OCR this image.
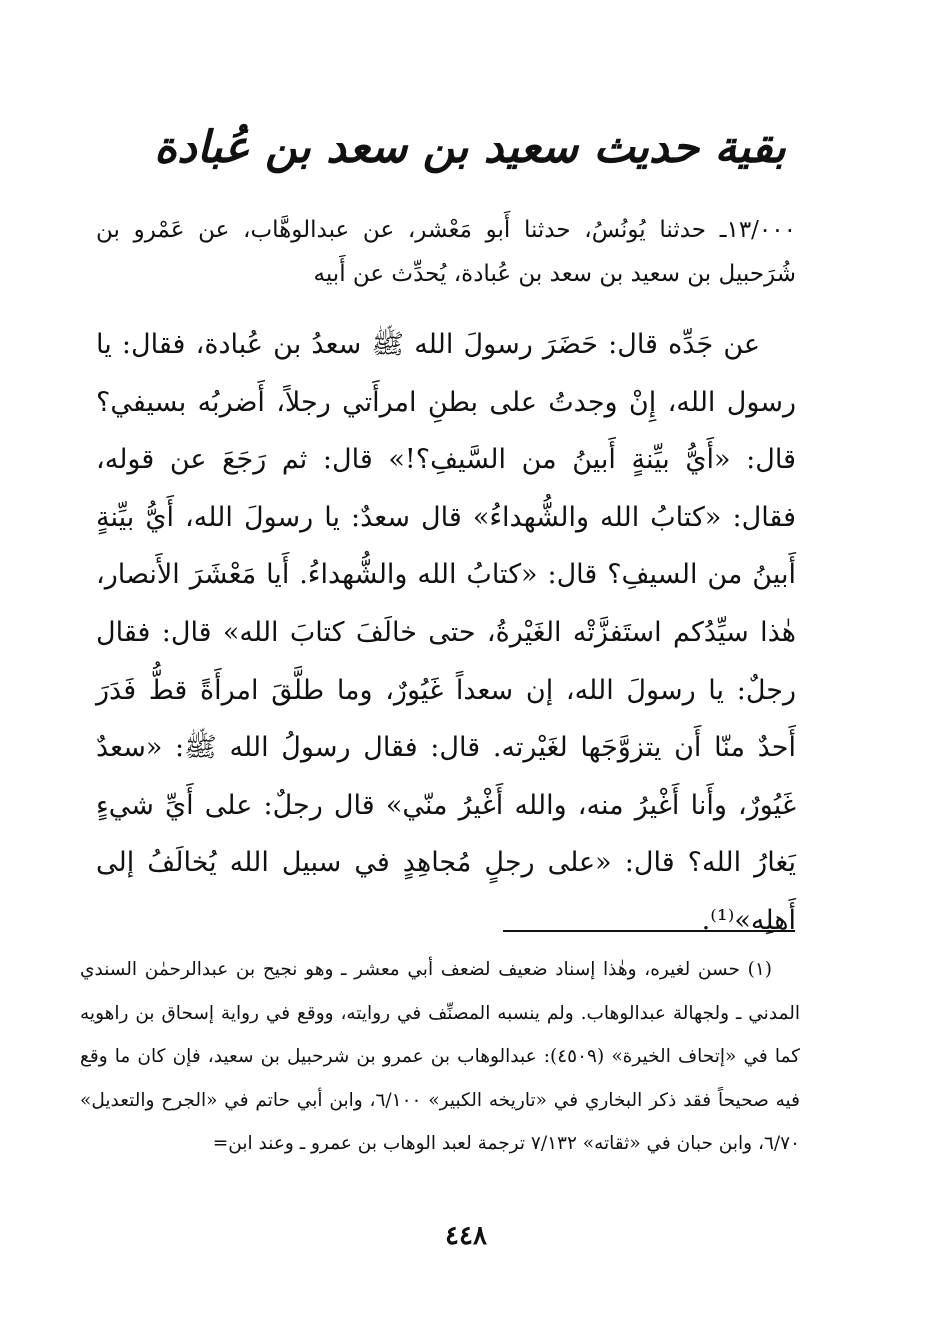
بقية حديث سعيد بن سعد بن عُبادة
١٣/٠٠٠ـ حدثنا يُونُسُ، حدثنا أَبو مَعْشر، عن عبدالوهَّاب، عن عَمْرو بن شُرَحبيل بن سعيد بن سعد بن عُبادة، يُحدِّث عن أَبيه
عن جَدِّه قال: حَضَرَ رسولَ الله ﷺ سعدُ بن عُبادة، فقال: يا رسول الله، إِنْ وجدتُ على بطنِ امرأَتي رجلاً، أَضربُه بسيفي؟ قال: «أَيُّ بيِّنةٍ أَبينُ من السَّيفِ؟!» قال: ثم رَجَعَ عن قوله، فقال: «كتابُ الله والشُّهداءُ» قال سعدٌ: يا رسولَ الله، أَيُّ بيِّنةٍ أَبينُ من السيفِ؟ قال: «كتابُ الله والشُّهداءُ. أَيا مَعْشَرَ الأَنصار، هٰذا سيِّدُكم استَفزَّتْه الغَيْرةُ، حتى خالَفَ كتابَ الله» قال: فقال رجلٌ: يا رسولَ الله، إن سعداً غَيُورٌ، وما طلَّقَ امرأَةً قطُّ فَدَرَ أَحدٌ منّا أَن يتزوَّجَها لغَيْرته. قال: فقال رسولُ الله ﷺ: «سعدٌ غَيُورٌ، وأَنا أَغْيرُ منه، والله أَغْيرُ منّي» قال رجلٌ: على أَيِّ شيءٍ يَغارُ الله؟ قال: «على رجلٍ مُجاهِدٍ في سبيل الله يُخالَفُ إلى أَهلِه»⁽¹⁾.
(١) حسن لغيره، وهٰذا إسناد ضعيف لضعف أبي معشر ـ وهو نجيح بن عبدالرحمٰن السندي المدني ـ ولجهالة عبدالوهاب. ولم ينسبه المصنِّف في روايته، ووقع في رواية إسحاق بن راهويه كما في «إتحاف الخيرة» (٤٥٠٩): عبدالوهاب بن عمرو بن شرحبيل بن سعيد، فإن كان ما وقع فيه صحيحاً فقد ذكر البخاري في «تاريخه الكبير» ٦/١٠٠، وابن أبي حاتم في «الجرح والتعديل» ٦/٧٠، وابن حبان في «ثقاته» ٧/١٣٢ ترجمة لعبد الوهاب بن عمرو ـ وعند ابن=
٤٤٨
